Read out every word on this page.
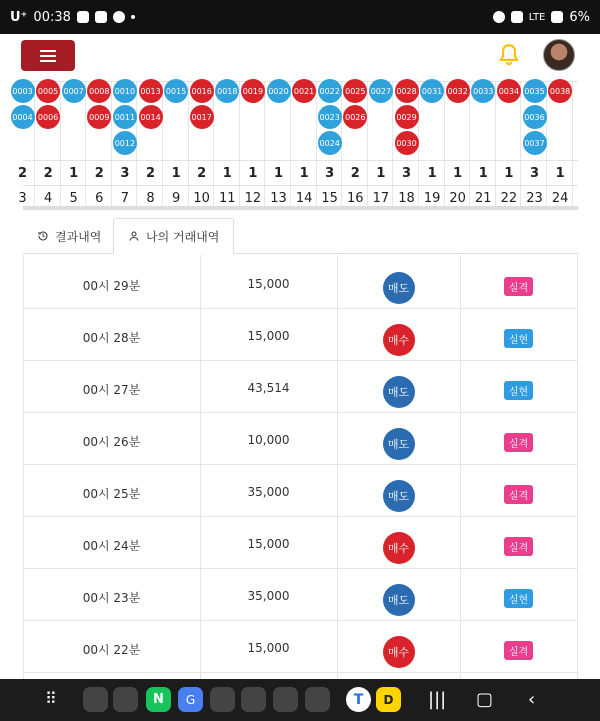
U⁺ 00:38	LTE 6%
0003 0005 0007 0008 0010 0013 0015 0016 0018 0019 0020 0021 0022 0025 0027 0028 0031 0032 0033 0034 0035 0038
0004 0006	0009 0011 0014	0017	0023 0026	0029	0036
0012	0024	0030	0037
2	2	1	2	3	2	1	2	1	1	1	1	3	2	1	3	1	1	1	1	3	1
3	4	5	6	7	8	9	10 11 12 13 14 15 16 17 18 19 20 21 22 23 24
결과내역	나의 거래내역
00시 29분	15,000	매도	실격
00시 28분	15,000	매수	실현
00시 27분	43,514	매도	실현
00시 26분	10,000	매도	실격
00시 25분	35,000	매도	실격
00시 24분	15,000	매수	실격
00시 23분	35,000	매도	실현
00시 22분	15,000	매수	실격
⠿	N	G	T	D	||| ▢ ‹
